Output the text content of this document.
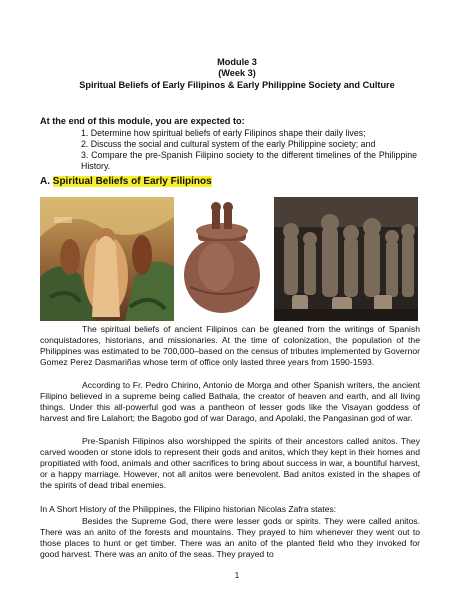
Module 3
(Week 3)
Spiritual Beliefs of Early Filipinos & Early Philippine Society and Culture
At the end of this module, you are expected to:
1. Determine how spiritual beliefs of early Filipinos shape their daily lives;
2. Discuss the social and cultural system of the early Philippine society; and
3. Compare the pre-Spanish Filipino society to the different timelines of the Philippine History.
A. Spiritual Beliefs of Early Filipinos
The spiritual beliefs of ancient Filipinos can be gleaned from the writings of Spanish conquistadores, historians, and missionaries. At the time of colonization, the population of the Philippines was estimated to be 700,000–based on the census of tributes implemented by Governor Gomez Perez Dasmariñas whose term of office only lasted three years from 1590-1593.
According to Fr. Pedro Chirino, Antonio de Morga and other Spanish writers, the ancient Filipino believed in a supreme being called Bathala, the creator of heaven and earth, and all living things. Under this all-powerful god was a pantheon of lesser gods like the Visayan goddess of harvest and fire Lalahort; the Bagobo god of war Darago, and Apolaki, the Pangasinan god of war.
Pre-Spanish Filipinos also worshipped the spirits of their ancestors called anitos. They carved wooden or stone idols to represent their gods and anitos, which they kept in their homes and propitiated with food, animals and other sacrifices to bring about success in war, a bountiful harvest, or a happy marriage. However, not all anitos were benevolent. Bad anitos existed in the shapes of the spirits of dead tribal enemies.
In A Short History of the Philippines, the Filipino historian Nicolas Zafra states:
Besides the Supreme God, there were lesser gods or spirits. They were called anitos. There was an anito of the forests and mountains. They prayed to him whenever they went out to those places to hunt or get timber. There was an anito of the planted field who they invoked for good harvest. There was an anito of the seas. They prayed to
1
